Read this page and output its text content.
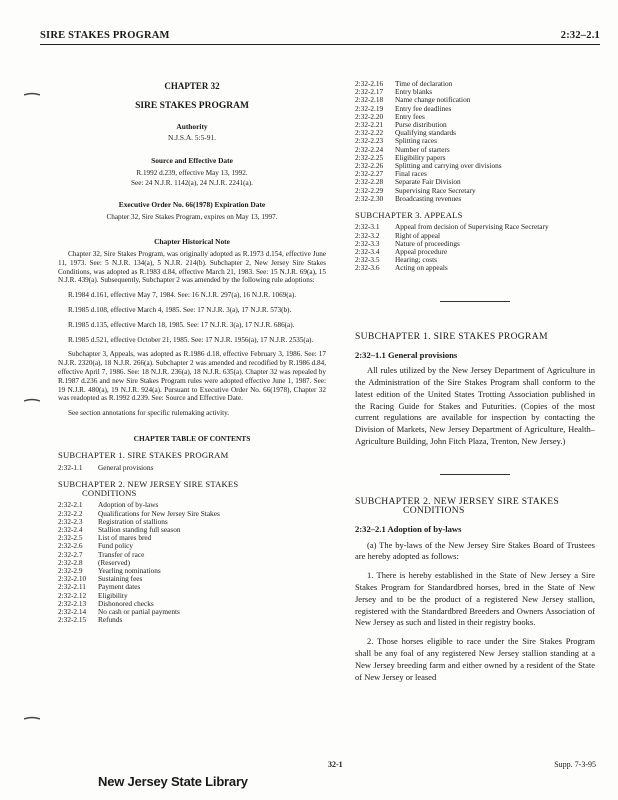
SIRE STAKES PROGRAM	2:32–2.1
CHAPTER 32
SIRE STAKES PROGRAM
Authority
N.J.S.A. 5:5-91.
Source and Effective Date
R.1992 d.239, effective May 13, 1992.
See: 24 N.J.R. 1142(a), 24 N.J.R. 2241(a).
Executive Order No. 66(1978) Expiration Date
Chapter 32, Sire Stakes Program, expires on May 13, 1997.
Chapter Historical Note

Chapter 32, Sire Stakes Program, was originally adopted as R.1973 d.154, effective June 11, 1973. See: 5 N.J.R. 134(a), 5 N.J.R. 214(b). Subchapter 2, New Jersey Sire Stakes Conditions, was adopted as R.1983 d.84, effective March 21, 1983. See: 15 N.J.R. 69(a), 15 N.J.R. 439(a). Subsequently, Subchapter 2 was amended by the following rule adoptions:

R.1984 d.161, effective May 7, 1984. See: 16 N.J.R. 297(a), 16 N.J.R. 1069(a).

R.1985 d.108, effective March 4, 1985. See: 17 N.J.R. 3(a), 17 N.J.R. 573(b).

R.1985 d.135, effective March 18, 1985. See: 17 N.J.R. 3(a), 17 N.J.R. 686(a).

R.1985 d.521, effective October 21, 1985. See: 17 N.J.R. 1956(a), 17 N.J.R. 2535(a).

Subchapter 3, Appeals, was adopted as R.1986 d.18, effective February 3, 1986. See: 17 N.J.R. 2320(a), 18 N.J.R. 266(a). Subchapter 2 was amended and recodified by R.1986 d.84, effective April 7, 1986. See: 18 N.J.R. 236(a), 18 N.J.R. 635(a). Chapter 32 was repealed by R.1987 d.236 and new Sire Stakes Program rules were adopted effective June 1, 1987. See: 19 N.J.R. 480(a), 19 N.J.R. 924(a). Pursuant to Executive Order No. 66(1978), Chapter 32 was readopted as R.1992 d.239. See: Source and Effective Date.

See section annotations for specific rulemaking activity.

CHAPTER TABLE OF CONTENTS
SUBCHAPTER 1. SIRE STAKES PROGRAM
2:32-1.1	General provisions
SUBCHAPTER 2. NEW JERSEY SIRE STAKES
CONDITIONS
2:32-2.1	Adoption of by-laws
2:32-2.2	Qualifications for New Jersey Sire Stakes
2:32-2.3	Registration of stallions
2:32-2.4	Stallion standing full season
2:32-2.5	List of mares bred
2:32-2.6	Fund policy
2:32-2.7	Transfer of race
2:32-2.8	(Reserved)
2:32-2.9	Yearling nominations
2:32-2.10	Sustaining fees
2:32-2.11	Payment dates
2:32-2.12	Eligibility
2:32-2.13	Dishonored checks
2:32-2.14	No cash or partial payments
2:32-2.15	Refunds
2:32-2.16	Time of declaration
2:32-2.17	Entry blanks
2:32-2.18	Name change notification
2:32-2.19	Entry fee deadlines
2:32-2.20	Entry fees
2:32-2.21	Purse distribution
2:32-2.22	Qualifying standards
2:32-2.23	Splitting races
2:32-2.24	Number of starters
2:32-2.25	Eligibility papers
2:32-2.26	Splitting and carrying over divisions
2:32-2.27	Final races
2:32-2.28	Separate Fair Division
2:32-2.29	Supervising Race Secretary
2:32-2.30	Broadcasting revenues
SUBCHAPTER 3. APPEALS
2:32-3.1	Appeal from decision of Supervising Race Secretary
2:32-3.2	Right of appeal
2:32-3.3	Nature of proceedings
2:32-3.4	Appeal procedure
2:32-3.5	Hearing; costs
2:32-3.6	Acting on appeals
SUBCHAPTER 1. SIRE STAKES PROGRAM
2:32–1.1 General provisions

All rules utilized by the New Jersey Department of Agriculture in the Administration of the Sire Stakes Program shall conform to the latest edition of the United States Trotting Association published in the Racing Guide for Stakes and Futurities. (Copies of the most current regulations are available for inspection by contacting the Division of Markets, New Jersey Department of Agriculture, Health–Agriculture Building, John Fitch Plaza, Trenton, New Jersey.)

SUBCHAPTER 2. NEW JERSEY SIRE STAKES
CONDITIONS
2:32–2.1 Adoption of by-laws

(a) The by-laws of the New Jersey Sire Stakes Board of Trustees are hereby adopted as follows:

1. There is hereby established in the State of New Jersey a Sire Stakes Program for Standardbred horses, bred in the State of New Jersey and to be the product of a registered New Jersey stallion, registered with the Standardbred Breeders and Owners Association of New Jersey as such and listed in their registry books.

2. Those horses eligible to race under the Sire Stakes Program shall be any foal of any registered New Jersey stallion standing at a New Jersey breeding farm and either owned by a resident of the State of New Jersey or leased

32-1	Supp. 7-3-95
New Jersey State Library
